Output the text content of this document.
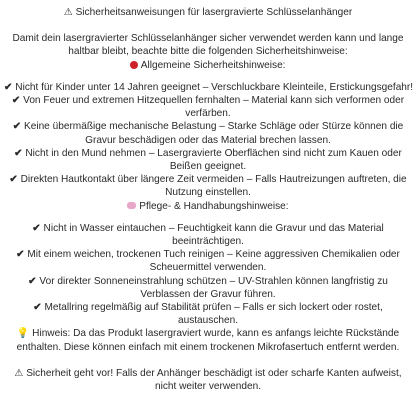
⚠ Sicherheitsanweisungen für lasergravierte Schlüsselanhänger
Damit dein lasergravierter Schlüsselanhänger sicher verwendet werden kann und lange
haltbar bleibt, beachte bitte die folgenden Sicherheitshinweise:
Allgemeine Sicherheitshinweise:
✔ Nicht für Kinder unter 14 Jahren geeignet – Verschluckbare Kleinteile, Erstickungsgefahr!
✔ Von Feuer und extremen Hitzequellen fernhalten – Material kann sich verformen oder
verfärben.
✔ Keine übermäßige mechanische Belastung – Starke Schläge oder Stürze können die
Gravur beschädigen oder das Material brechen lassen.
✔ Nicht in den Mund nehmen – Lasergravierte Oberflächen sind nicht zum Kauen oder
Beißen geeignet.
✔ Direkten Hautkontakt über längere Zeit vermeiden – Falls Hautreizungen auftreten, die
Nutzung einstellen.
Pflege- & Handhabungshinweise:
✔ Nicht in Wasser eintauchen – Feuchtigkeit kann die Gravur und das Material
beeinträchtigen.
✔ Mit einem weichen, trockenen Tuch reinigen – Keine aggressiven Chemikalien oder
Scheuermittel verwenden.
✔ Vor direkter Sonneneinstrahlung schützen – UV-Strahlen können langfristig zu
Verblassen der Gravur führen.
✔ Metallring regelmäßig auf Stabilität prüfen – Falls er sich lockert oder rostet,
austauschen.
💡 Hinweis: Da das Produkt lasergraviert wurde, kann es anfangs leichte Rückstände
enthalten. Diese können einfach mit einem trockenen Mikrofasertuch entfernt werden.
⚠ Sicherheit geht vor! Falls der Anhänger beschädigt ist oder scharfe Kanten aufweist,
nicht weiter verwenden.
